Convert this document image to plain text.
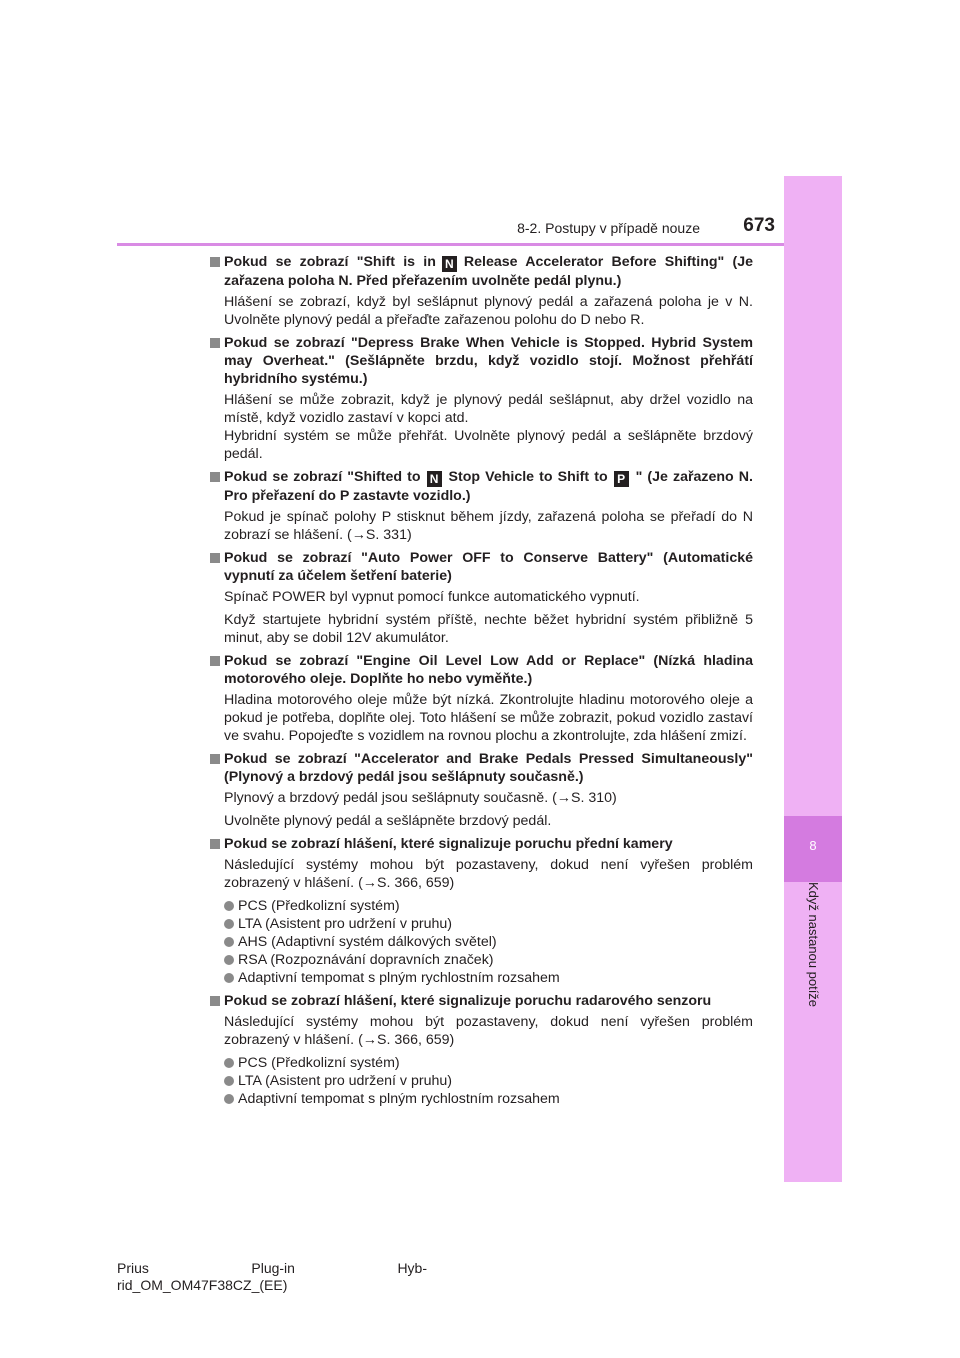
8
Když nastanou potíže
8-2. Postupy v případě nouze	673
Pokud se zobrazí "Shift is in N Release Accelerator Before Shifting" (Je zařazena poloha N. Před přeřazením uvolněte pedál plynu.)
Hlášení se zobrazí, když byl sešlápnut plynový pedál a zařazená poloha je v N. Uvolněte plynový pedál a přeřaďte zařazenou polohu do D nebo R.
Pokud se zobrazí "Depress Brake When Vehicle is Stopped. Hybrid System may Overheat." (Sešlápněte brzdu, když vozidlo stojí. Možnost přehřátí hybridního systému.)
Hlášení se může zobrazit, když je plynový pedál sešlápnut, aby držel vozidlo na místě, když vozidlo zastaví v kopci atd.
Hybridní systém se může přehřát. Uvolněte plynový pedál a sešlápněte brzdový pedál.
Pokud se zobrazí "Shifted to N Stop Vehicle to Shift to P " (Je zařazeno N. Pro přeřazení do P zastavte vozidlo.)
Pokud je spínač polohy P stisknut během jízdy, zařazená poloha se přeřadí do N zobrazí se hlášení. (→S. 331)
Pokud se zobrazí "Auto Power OFF to Conserve Battery" (Automatické vypnutí za účelem šetření baterie)
Spínač POWER byl vypnut pomocí funkce automatického vypnutí.
Když startujete hybridní systém příště, nechte běžet hybridní systém přibližně 5 minut, aby se dobil 12V akumulátor.
Pokud se zobrazí "Engine Oil Level Low Add or Replace" (Nízká hladina motorového oleje. Doplňte ho nebo vyměňte.)
Hladina motorového oleje může být nízká. Zkontrolujte hladinu motorového oleje a pokud je potřeba, doplňte olej. Toto hlášení se může zobrazit, pokud vozidlo zastaví ve svahu. Popojeďte s vozidlem na rovnou plochu a zkontrolujte, zda hlášení zmizí.
Pokud se zobrazí "Accelerator and Brake Pedals Pressed Simultaneously" (Plynový a brzdový pedál jsou sešlápnuty současně.)
Plynový a brzdový pedál jsou sešlápnuty současně. (→S. 310)
Uvolněte plynový pedál a sešlápněte brzdový pedál.
Pokud se zobrazí hlášení, které signalizuje poruchu přední kamery
Následující systémy mohou být pozastaveny, dokud není vyřešen problém zobrazený v hlášení. (→S. 366, 659)
PCS (Předkolizní systém)
LTA (Asistent pro udržení v pruhu)
AHS (Adaptivní systém dálkových světel)
RSA (Rozpoznávání dopravních značek)
Adaptivní tempomat s plným rychlostním rozsahem
Pokud se zobrazí hlášení, které signalizuje poruchu radarového senzoru
Následující systémy mohou být pozastaveny, dokud není vyřešen problém zobrazený v hlášení. (→S. 366, 659)
PCS (Předkolizní systém)
LTA (Asistent pro udržení v pruhu)
Adaptivní tempomat s plným rychlostním rozsahem
Prius	Plug-in	Hyb-
rid_OM_OM47F38CZ_(EE)
